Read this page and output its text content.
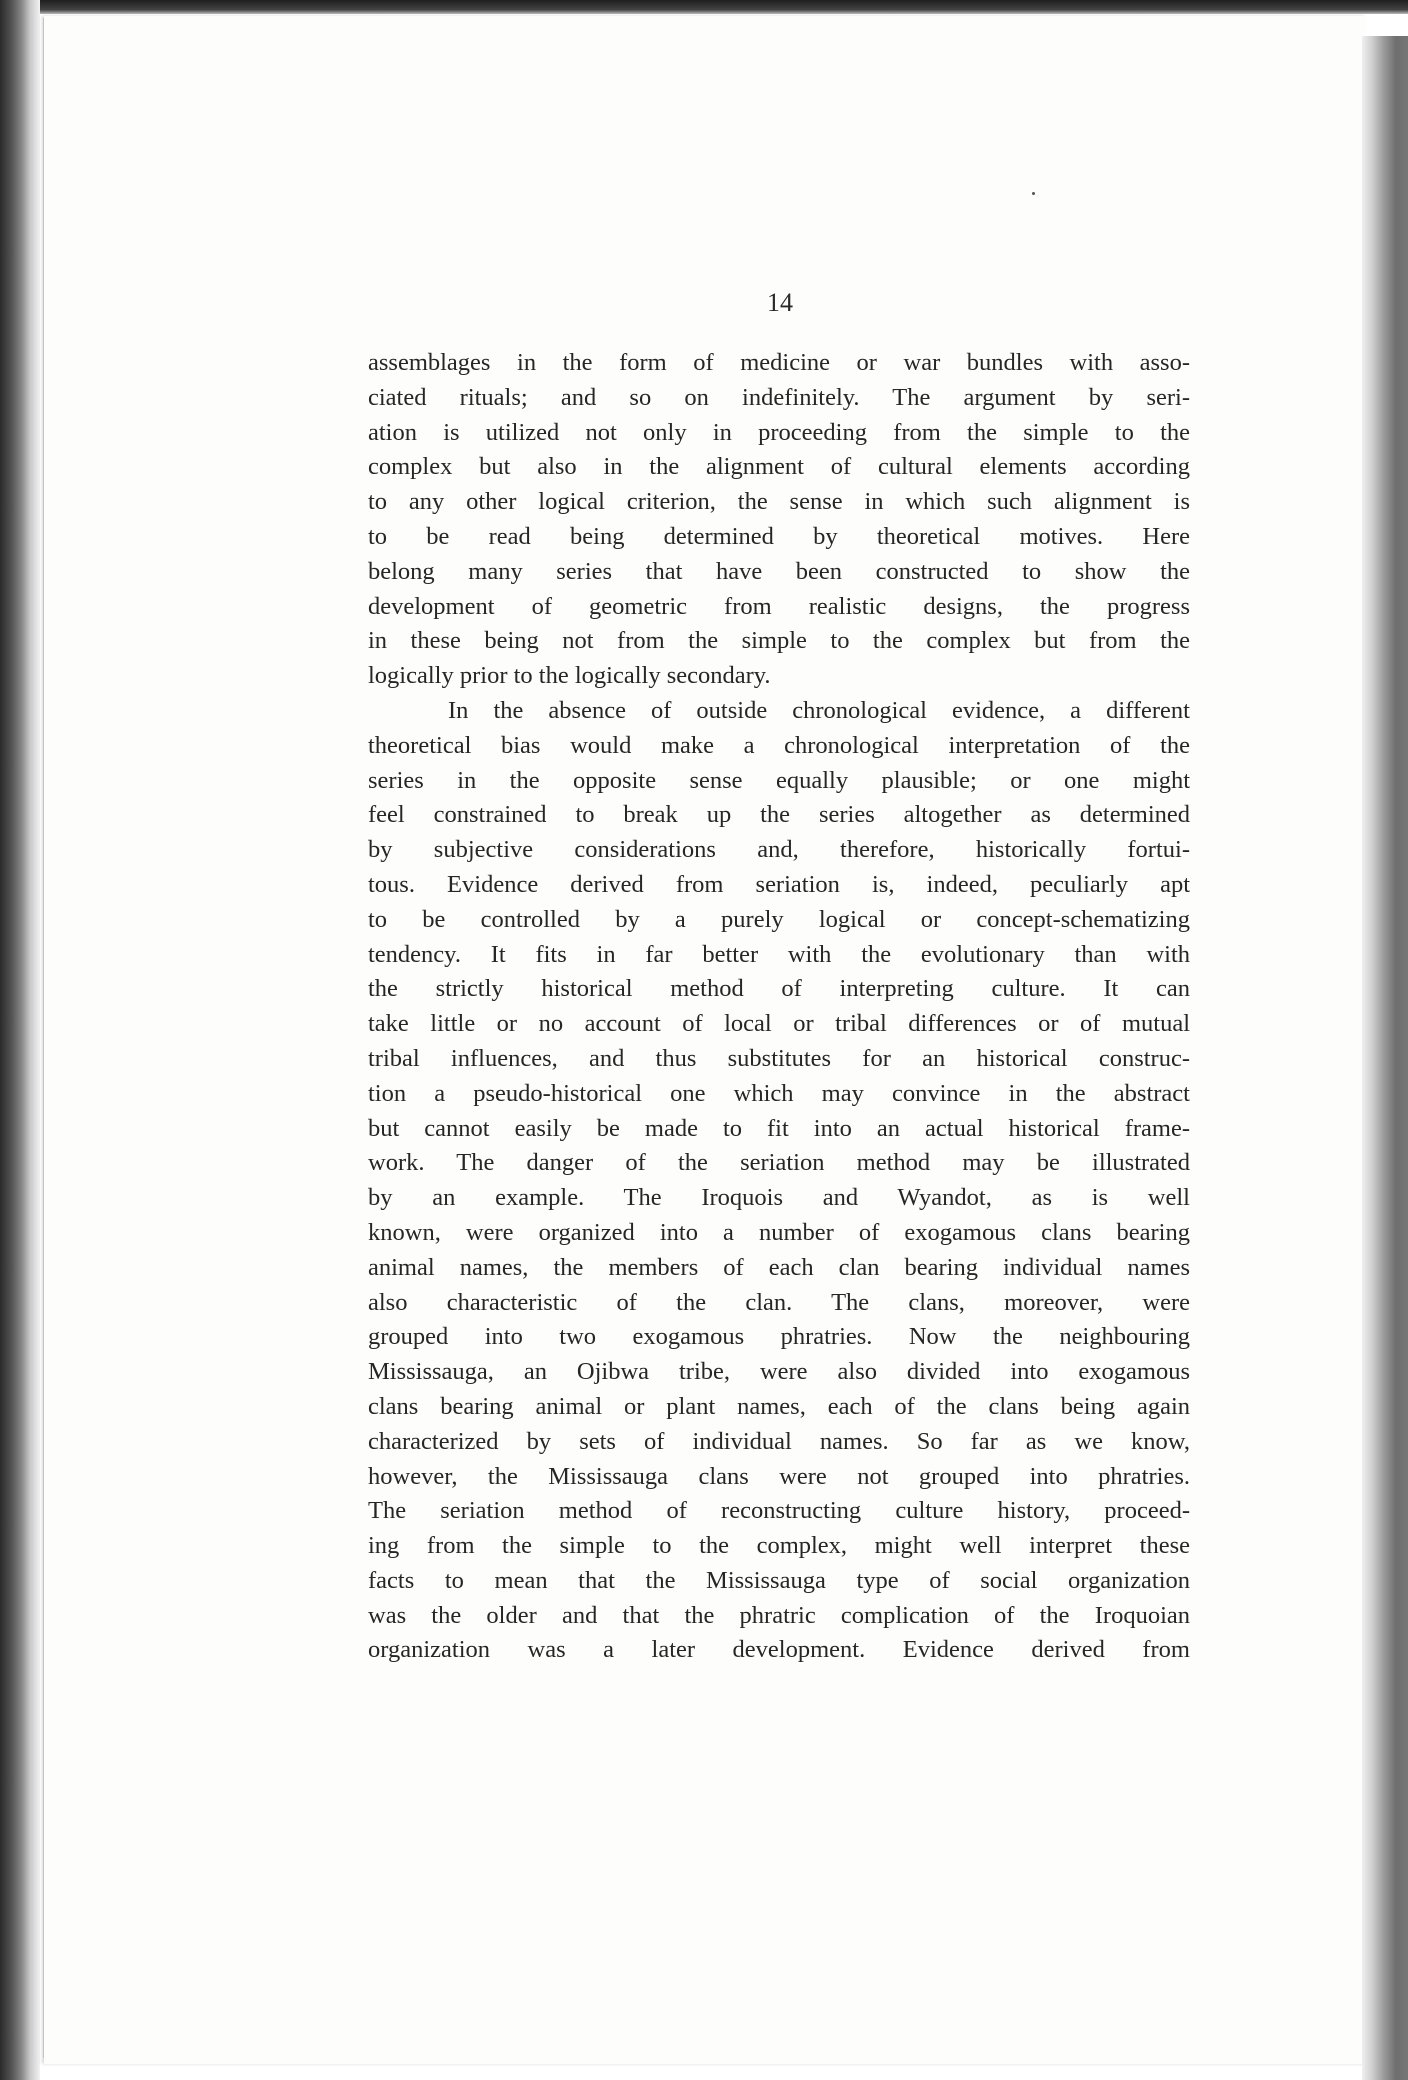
14

assemblages in the form of medicine or war bundles with asso-

ciated rituals; and so on indefinitely. The argument by seri-

ation is utilized not only in proceeding from the simple to the

complex but also in the alignment of cultural elements according

to any other logical criterion, the sense in which such alignment is

to be read being determined by theoretical motives. Here

belong many series that have been constructed to show the

development of geometric from realistic designs, the progress

in these being not from the simple to the complex but from the

logically prior to the logically secondary.

In the absence of outside chronological evidence, a different

theoretical bias would make a chronological interpretation of the

series in the opposite sense equally plausible; or one might

feel constrained to break up the series altogether as determined

by subjective considerations and, therefore, historically fortui-

tous. Evidence derived from seriation is, indeed, peculiarly apt

to be controlled by a purely logical or concept-schematizing

tendency. It fits in far better with the evolutionary than with

the strictly historical method of interpreting culture. It can

take little or no account of local or tribal differences or of mutual

tribal influences, and thus substitutes for an historical construc-

tion a pseudo-historical one which may convince in the abstract

but cannot easily be made to fit into an actual historical frame-

work. The danger of the seriation method may be illustrated

by an example. The Iroquois and Wyandot, as is well

known, were organized into a number of exogamous clans bearing

animal names, the members of each clan bearing individual names

also characteristic of the clan. The clans, moreover, were

grouped into two exogamous phratries. Now the neighbouring

Mississauga, an Ojibwa tribe, were also divided into exogamous

clans bearing animal or plant names, each of the clans being again

characterized by sets of individual names. So far as we know,

however, the Mississauga clans were not grouped into phratries.

The seriation method of reconstructing culture history, proceed-

ing from the simple to the complex, might well interpret these

facts to mean that the Mississauga type of social organization

was the older and that the phratric complication of the Iroquoian

organization was a later development. Evidence derived from
